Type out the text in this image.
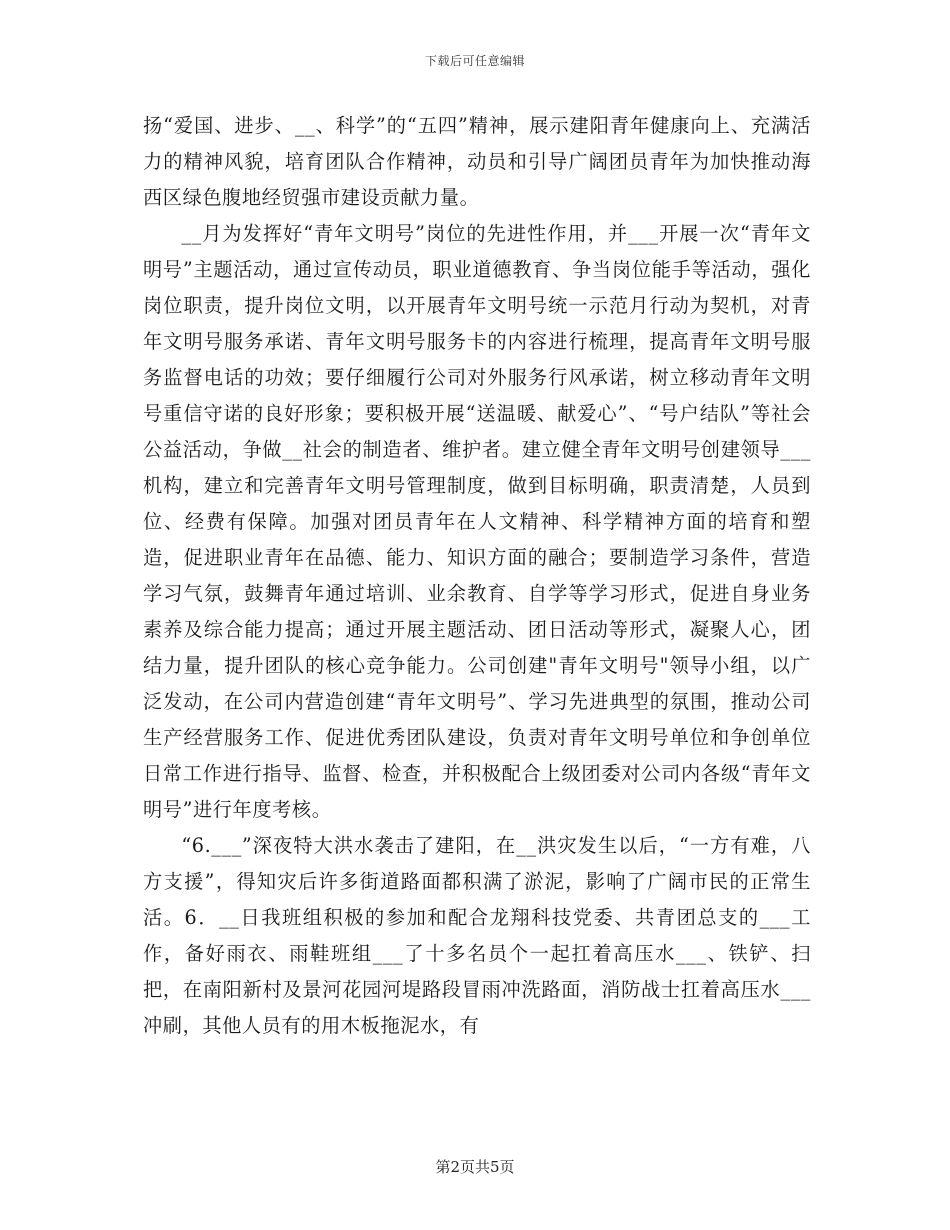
下载后可任意编辑

扬“爱国、进步、__、科学”的“五四”精神，展示建阳青年健康向上、充满活力的精神风貌，培育团队合作精神，动员和引导广阔团员青年为加快推动海西区绿色腹地经贸强市建设贡献力量。

__月为发挥好“青年文明号”岗位的先进性作用，并___开展一次“青年文明号”主题活动，通过宣传动员，职业道德教育、争当岗位能手等活动，强化岗位职责，提升岗位文明，以开展青年文明号统一示范月行动为契机，对青年文明号服务承诺、青年文明号服务卡的内容进行梳理，提高青年文明号服务监督电话的功效；要仔细履行公司对外服务行风承诺，树立移动青年文明号重信守诺的良好形象；要积极开展“送温暖、献爱心”、“号户结队”等社会公益活动，争做__社会的制造者、维护者。建立健全青年文明号创建领导___机构，建立和完善青年文明号管理制度，做到目标明确，职责清楚，人员到位、经费有保障。加强对团员青年在人文精神、科学精神方面的培育和塑造，促进职业青年在品德、能力、知识方面的融合；要制造学习条件，营造学习气氛，鼓舞青年通过培训、业余教育、自学等学习形式，促进自身业务素养及综合能力提高；通过开展主题活动、团日活动等形式，凝聚人心，团结力量，提升团队的核心竞争能力。公司创建"青年文明号"领导小组，以广泛发动，在公司内营造创建“青年文明号”、学习先进典型的氛围，推动公司生产经营服务工作、促进优秀团队建设，负责对青年文明号单位和争创单位日常工作进行指导、监督、检查，并积极配合上级团委对公司内各级“青年文明号”进行年度考核。

“6.___”深夜特大洪水袭击了建阳，在__洪灾发生以后，“一方有难，八方支援”，得知灾后许多街道路面都积满了淤泥，影响了广阔市民的正常生活。6．__日我班组积极的参加和配合龙翔科技党委、共青团总支的___工作，备好雨衣、雨鞋班组___了十多名员个一起扛着高压水___、铁铲、扫把，在南阳新村及景河花园河堤路段冒雨冲洗路面，消防战士扛着高压水___冲刷，其他人员有的用木板拖泥水，有

第2页共5页
